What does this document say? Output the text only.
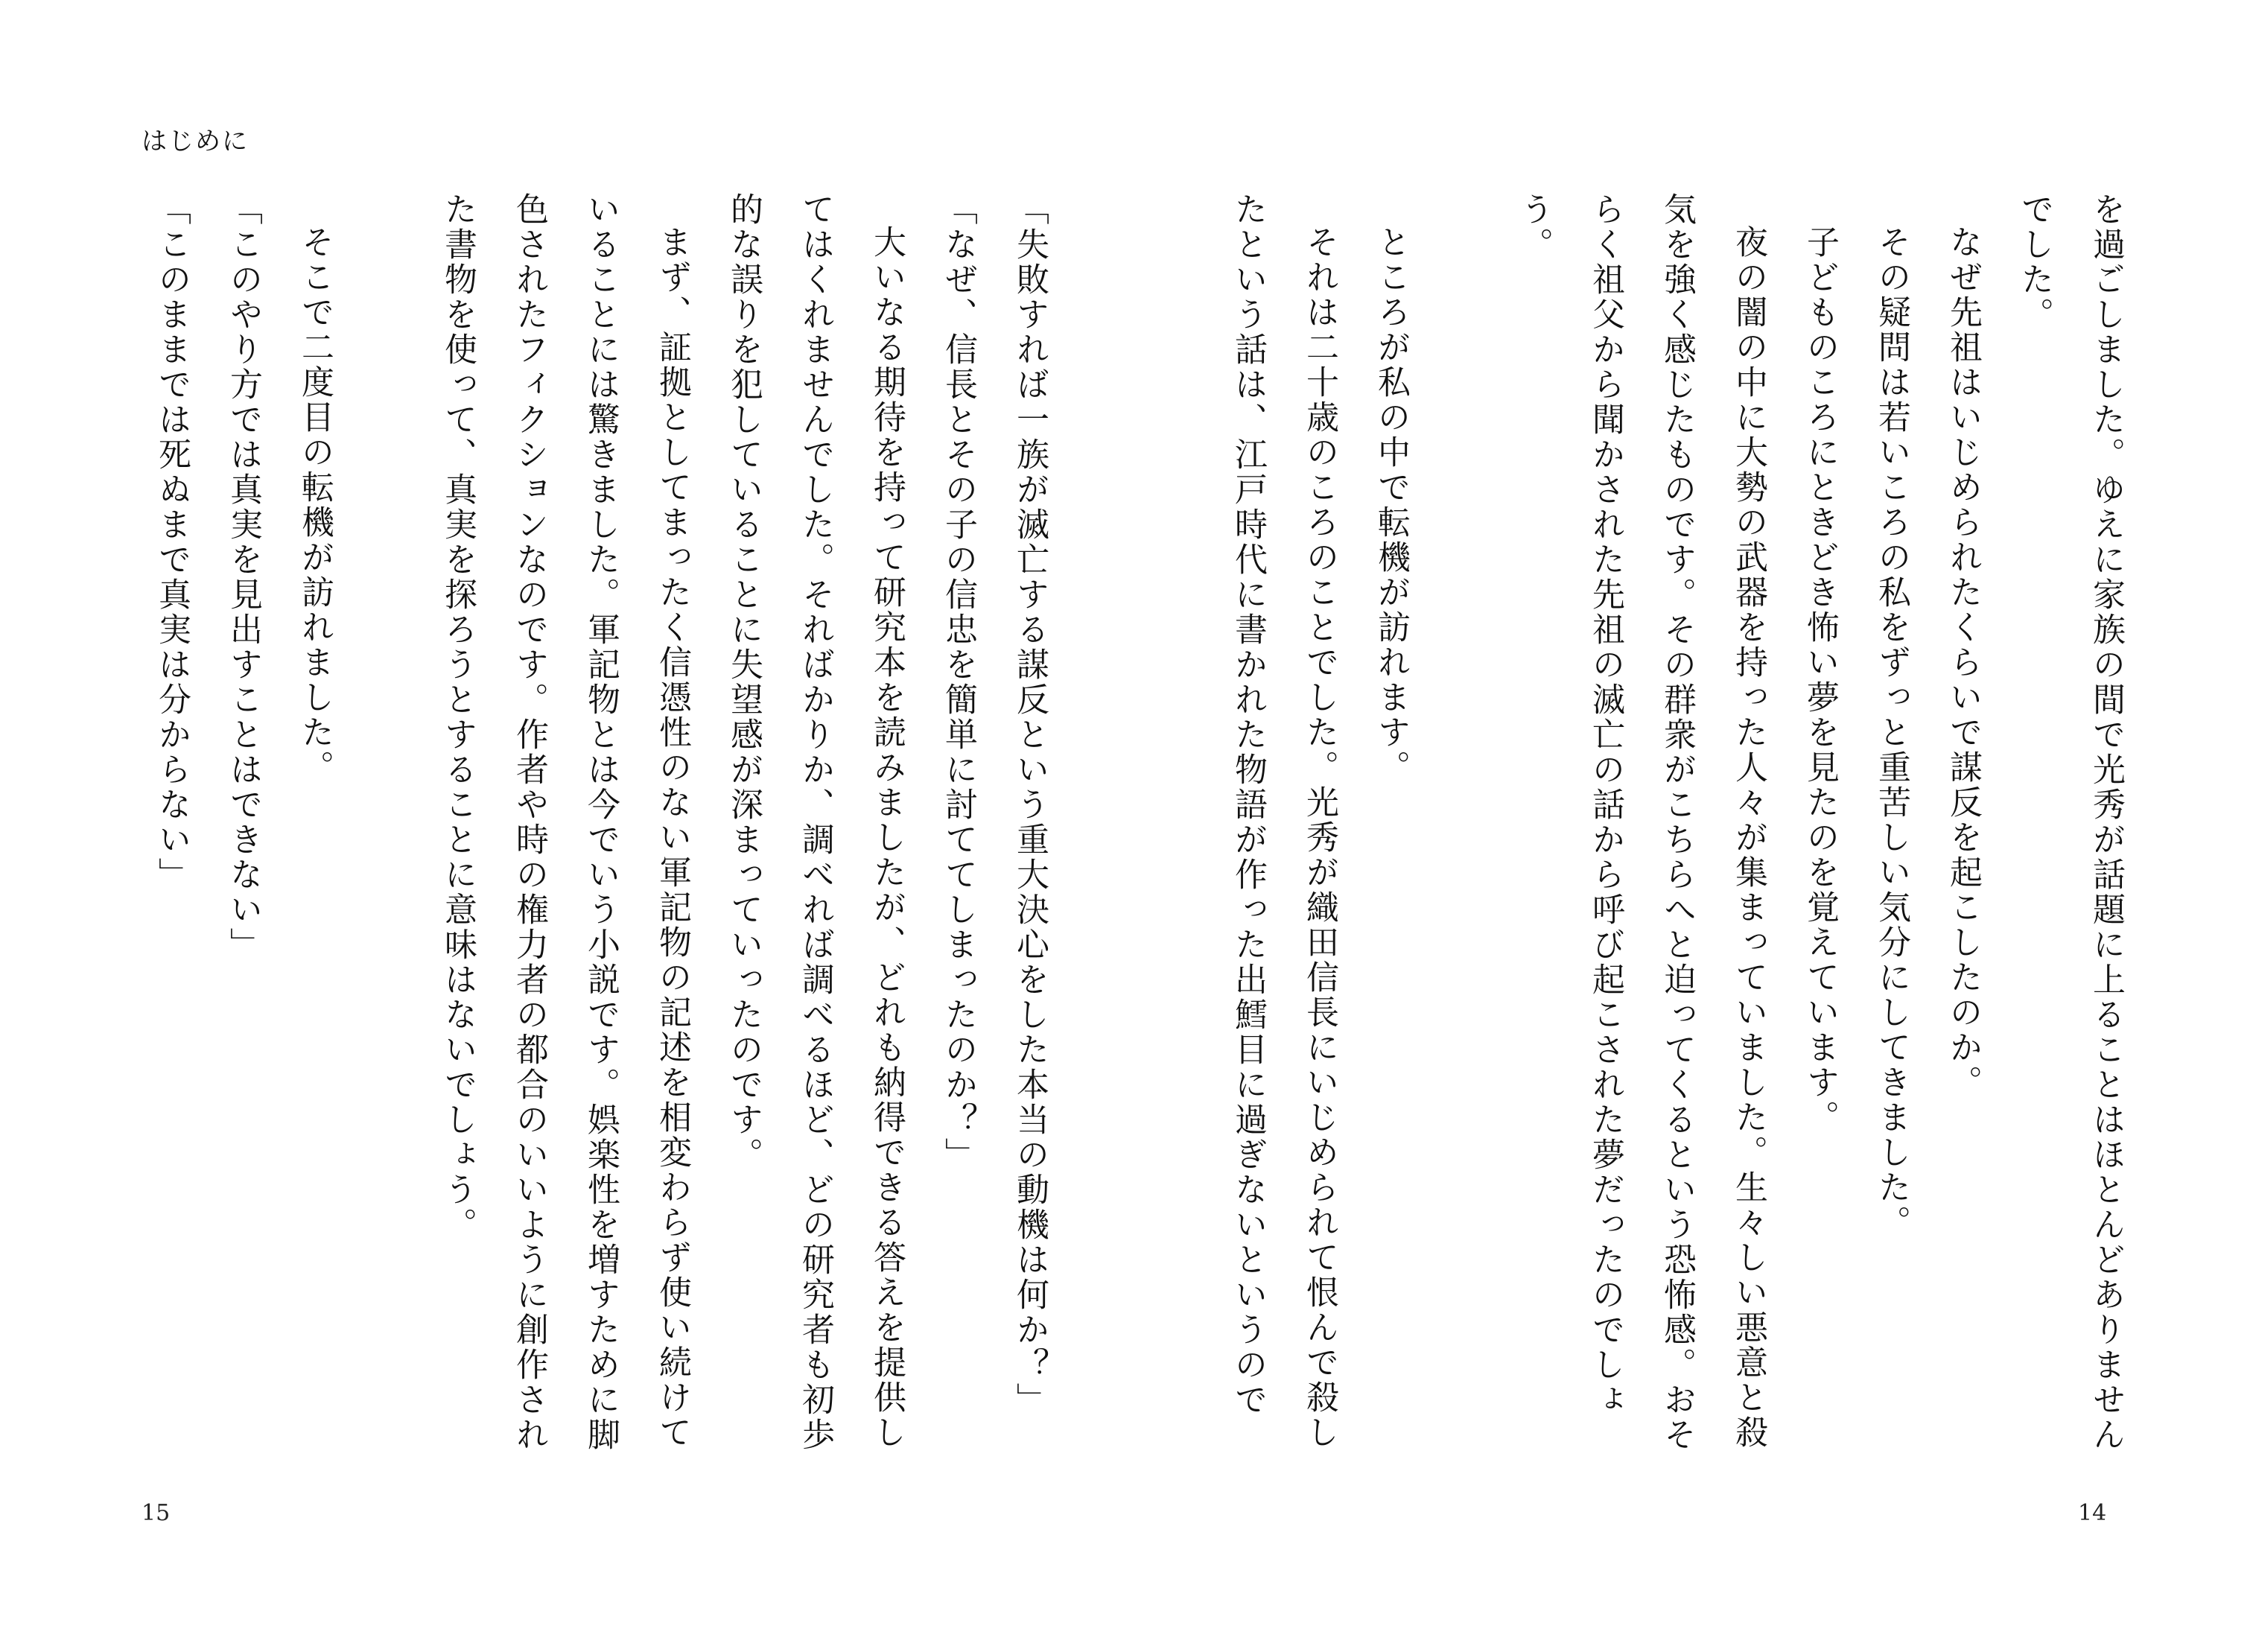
はじめに

を過ごしました。ゆえに家族の間で光秀が話題に上ることはほとんどありませんでした。

なぜ先祖はいじめられたくらいで謀反を起こしたのか。

その疑問は若いころの私をずっと重苦しい気分にしてきました。

子どものころにときどき怖い夢を見たのを覚えています。

夜の闇の中に大勢の武器を持った人々が集まっていました。生々しい悪意と殺気を強く感じたものです。その群衆がこちらへと迫ってくるという恐怖感。おそらく祖父から聞かされた先祖の滅亡の話から呼び起こされた夢だったのでしょう。

ところが私の中で転機が訪れます。

それは二十歳のころのことでした。光秀が織田信長にいじめられて恨んで殺したという話は、江戸時代に書かれた物語が作った出鱈目に過ぎないというので

「失敗すれば一族が滅亡する謀反という重大決心をした本当の動機は何か？」

「なぜ、信長とその子の信忠を簡単に討ててしまったのか？」

大いなる期待を持って研究本を読みましたが、どれも納得できる答えを提供してはくれませんでした。そればかりか、調べれば調べるほど、どの研究者も初歩的な誤りを犯していることに失望感が深まっていったのです。

まず、証拠としてまったく信憑性のない軍記物の記述を相変わらず使い続けていることには驚きました。軍記物とは今でいう小説です。娯楽性を増すために脚色されたフィクションなのです。作者や時の権力者の都合のいいように創作された書物を使って、真実を探ろうとすることに意味はないでしょう。

そこで二度目の転機が訪れました。

「このやり方では真実を見出すことはできない」

「このままでは死ぬまで真実は分からない」

15	14
